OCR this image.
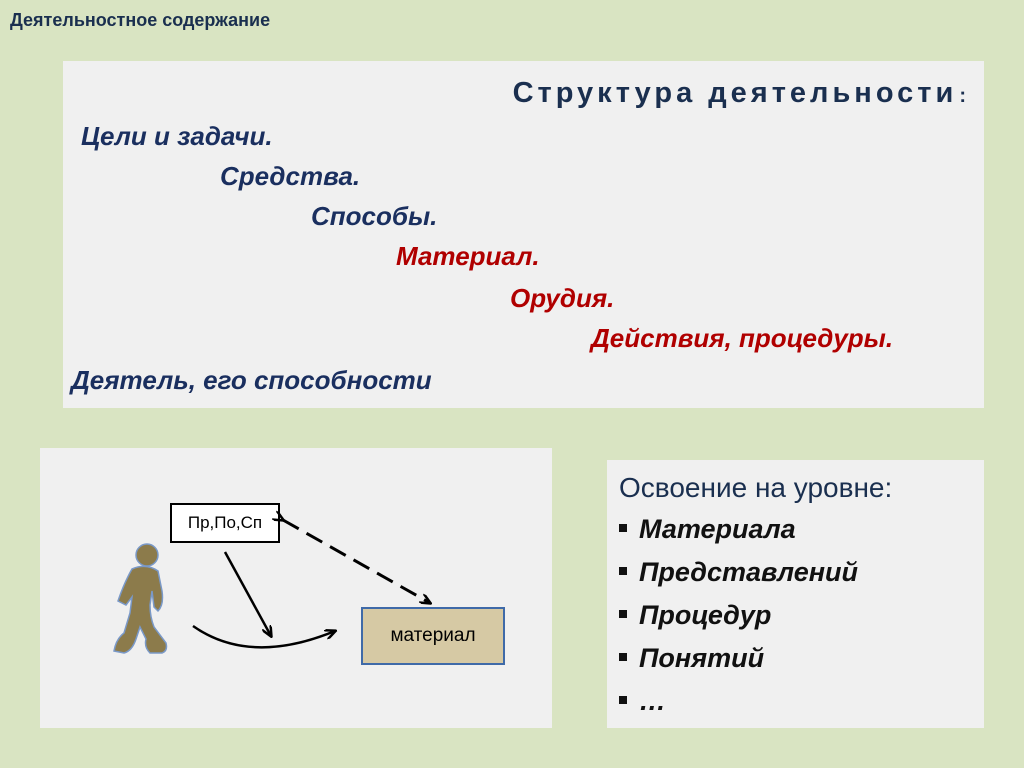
Деятельностное содержание
Структура деятельности :
Цели и задачи.
Средства.
Способы.
Материал.
Орудия.
Действия, процедуры.
Деятель, его способности
Пр,По,Сп
материал
Освоение на уровне:
Материала
Представлений
Процедур
Понятий
…
